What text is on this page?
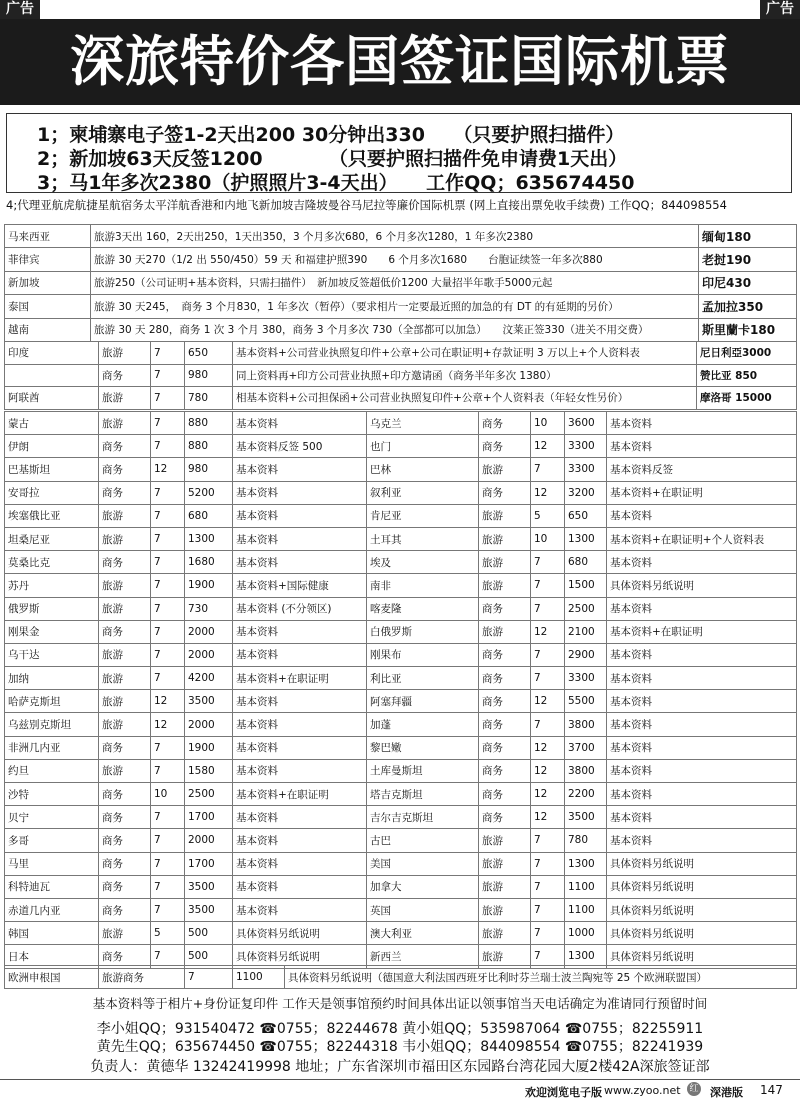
广告	广告
深旅特价各国签证国际机票
1；柬埔寨电子签1-2天出200 30分钟出330　　（只要护照扫描件）
2；新加坡63天反签1200　　　　（只要护照扫描件免申请费1天出）
3；马1年多次2380（护照照片3-4天出）　　工作QQ；635674450
4;代理亚航虎航捷星航宿务太平洋航香港和内地飞新加坡吉隆坡曼谷马尼拉等廉价国际机票 (网上直接出票免收手续费) 工作QQ；844098554
马来西亚	旅游3天出 160，2天出250，1天出350，3 个月多次680，6 个月多次1280，1 年多次2380	缅甸180
菲律宾	旅游 30 天270（1/2 出 550/450）59 天 和福建护照390　　6 个月多次1680　　台胞证续签一年多次880	老挝190
新加坡	旅游250（公司证明+基本资料，只需扫描件）　新加坡反签超低价1200 大量招半年歌手5000元起	印尼430
泰国	旅游 30 天245，　商务 3 个月830，1 年多次（暂停）（要求相片一定要最近照的加急的有 DT 的有延期的另价）	孟加拉350
越南	旅游 30 天 280，商务 1 次 3 个月 380，商务 3 个月多次 730（全部都可以加急）　　汶莱正签330（进关不用交费）	斯里蘭卡180
印度	旅游	7	650	基本资料+公司营业执照复印件+公章+公司在职证明+存款证明 3 万以上+个人资料表	尼日利亞3000
	商务	7	980	同上资料再+印方公司营业执照+印方邀请函（商务半年多次 1380）	赞比亚 850
阿联酋	旅游	7	780	相基本资料+公司担保函+公司营业执照复印件+公章+个人资料表（年轻女性另价）	摩洛哥 15000
蒙古	旅游	7	880	基本资料	乌克兰	商务	10	3600	基本资料
伊朗	商务	7	880	基本资料反签 500	也门	商务	12	3300	基本资料
巴基斯坦	商务	12	980	基本资料	巴林	旅游	7	3300	基本资料反签
安哥拉	商务	7	5200	基本资料	叙利亚	商务	12	3200	基本资料+在职证明
埃塞俄比亚	旅游	7	680	基本资料	肯尼亚	旅游	5	650	基本资料
坦桑尼亚	旅游	7	1300	基本资料	土耳其	旅游	10	1300	基本资料+在职证明+个人资料表
莫桑比克	商务	7	1680	基本资料	埃及	旅游	7	680	基本资料
苏丹	旅游	7	1900	基本资料+国际健康	南非	旅游	7	1500	具体资料另纸说明
俄罗斯	旅游	7	730	基本资料 (不分领区)	喀麦隆	商务	7	2500	基本资料
刚果金	商务	7	2000	基本资料	白俄罗斯	旅游	12	2100	基本资料+在职证明
乌干达	旅游	7	2000	基本资料	刚果布	商务	7	2900	基本资料
加纳	旅游	7	4200	基本资料+在职证明	利比亚	商务	7	3300	基本资料
哈萨克斯坦	旅游	12	3500	基本资料	阿塞拜疆	商务	12	5500	基本资料
乌兹别克斯坦	旅游	12	2000	基本资料	加蓬	商务	7	3800	基本资料
非洲几内亚	商务	7	1900	基本资料	黎巴嫩	商务	12	3700	基本资料
约旦	旅游	7	1580	基本资料	土库曼斯坦	商务	12	3800	基本资料
沙特	商务	10	2500	基本资料+在职证明	塔吉克斯坦	商务	12	2200	基本资料
贝宁	商务	7	1700	基本资料	吉尔吉克斯坦	商务	12	3500	基本资料
多哥	商务	7	2000	基本资料	古巴	旅游	7	780	基本资料
马里	商务	7	1700	基本资料	美国	旅游	7	1300	具体资料另纸说明
科特迪瓦	商务	7	3500	基本资料	加拿大	旅游	7	1100	具体资料另纸说明
赤道几内亚	商务	7	3500	基本资料	英国	旅游	7	1100	具体资料另纸说明
韩国	旅游	5	500	具体资料另纸说明	澳大利亚	旅游	7	1000	具体资料另纸说明
日本	商务	7	500	具体资料另纸说明	新西兰	旅游	7	1300	具体资料另纸说明
欧洲申根国	旅游商务	7	1100	具体资料另纸说明（德国意大利法国西班牙比利时芬兰瑞士波兰陶宛等 25 个欧洲联盟国）
基本资料等于相片+身份证复印件 工作天是领事馆预约时间具体出证以领事馆当天电话确定为准请同行预留时间
李小姐QQ；931540472 ☎0755；82244678 黄小姐QQ；535987064 ☎0755；82255911
黄先生QQ；635674450 ☎0755；82244318 韦小姐QQ；844098554 ☎0755；82241939
负责人：黄德华 13242419998 地址；广东省深圳市福田区东园路台湾花园大厦2楼42A深旅签证部
欢迎浏览电子版 www.zyoo.net 红 深港版 147
